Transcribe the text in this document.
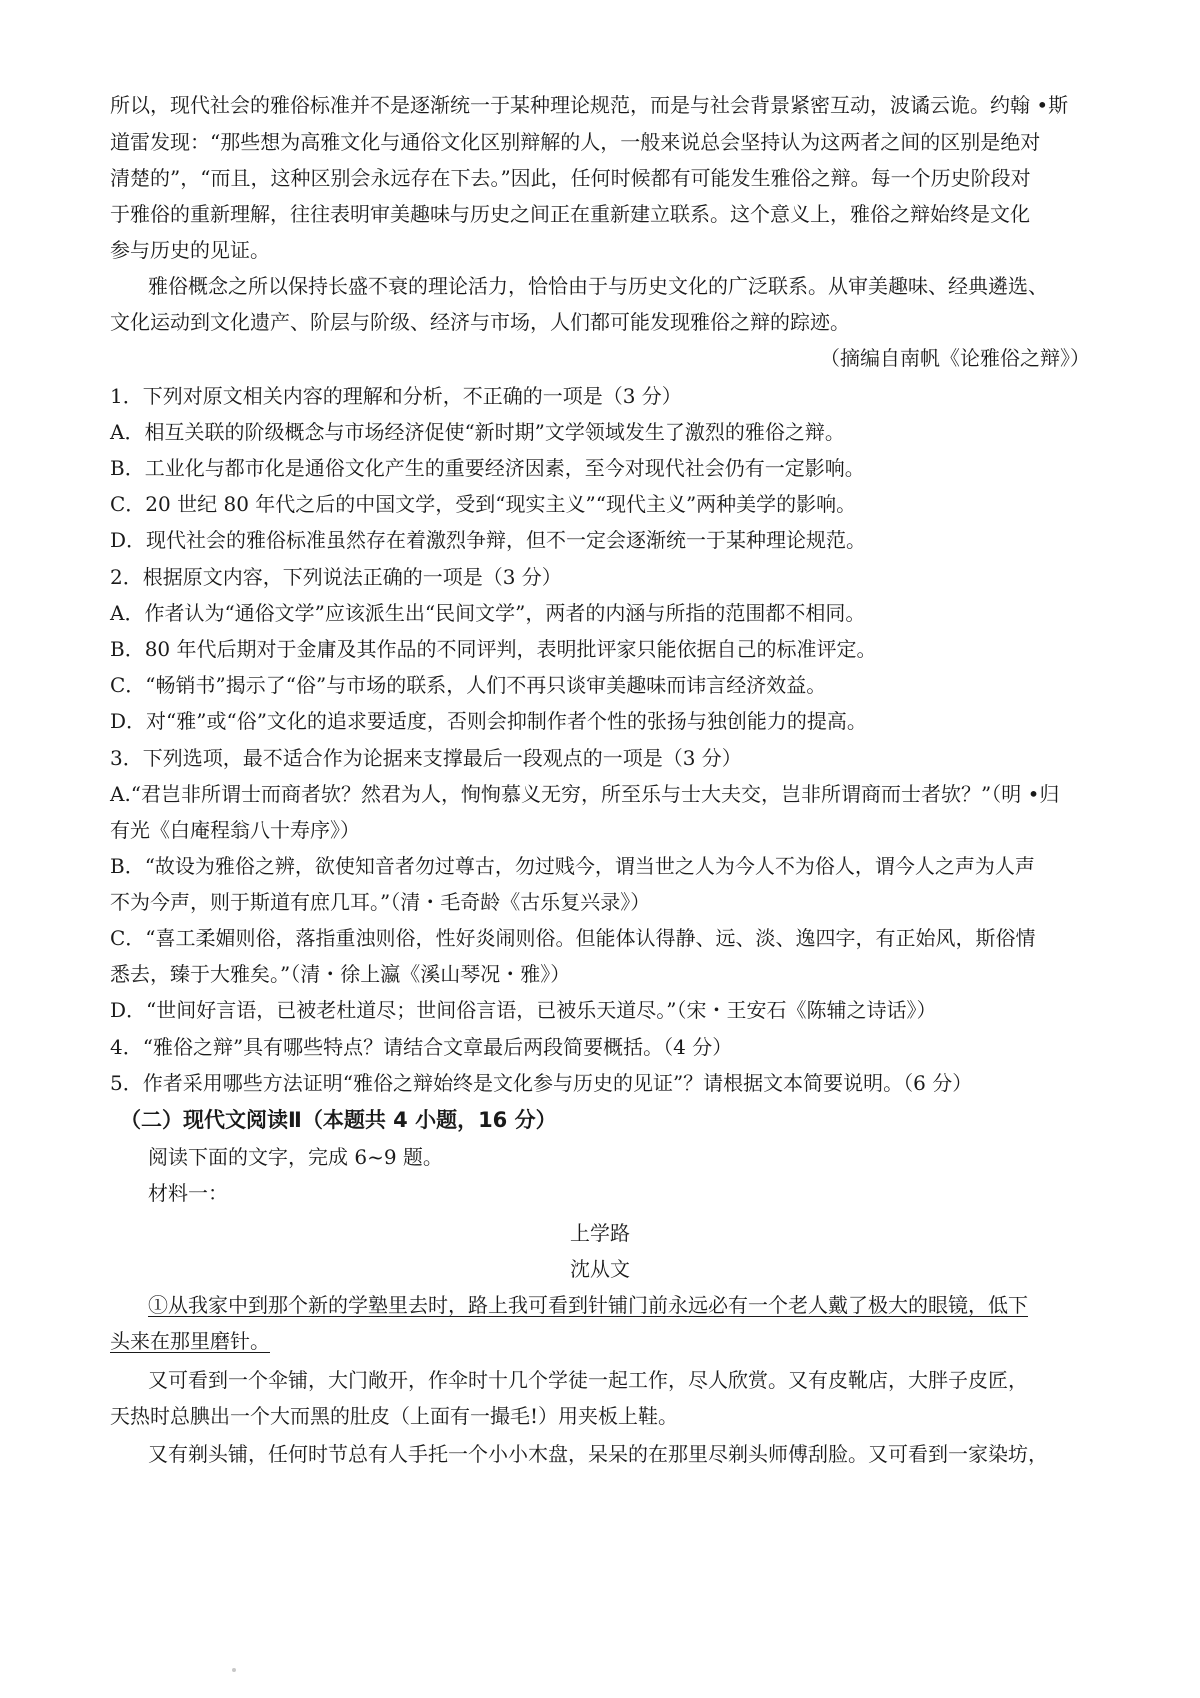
所以，现代社会的雅俗标准并不是逐渐统一于某种理论规范，而是与社会背景紧密互动，波谲云诡。约翰 •斯
道雷发现：“那些想为高雅文化与通俗文化区别辩解的人，一般来说总会坚持认为这两者之间的区别是绝对
清楚的”，“而且，这种区别会永远存在下去。”因此，任何时候都有可能发生雅俗之辩。每一个历史阶段对
于雅俗的重新理解，往往表明审美趣味与历史之间正在重新建立联系。这个意义上，雅俗之辩始终是文化
参与历史的见证。
雅俗概念之所以保持长盛不衰的理论活力，恰恰由于与历史文化的广泛联系。从审美趣味、经典遴选、
文化运动到文化遗产、阶层与阶级、经济与市场，人们都可能发现雅俗之辩的踪迹。
（摘编自南帆《论雅俗之辩》）
1．下列对原文相关内容的理解和分析，不正确的一项是（3 分）
A．相互关联的阶级概念与市场经济促使“新时期”文学领域发生了激烈的雅俗之辩。
B．工业化与都市化是通俗文化产生的重要经济因素，至今对现代社会仍有一定影响。
C．20 世纪 80 年代之后的中国文学，受到“现实主义”“现代主义”两种美学的影响。
D．现代社会的雅俗标准虽然存在着激烈争辩，但不一定会逐渐统一于某种理论规范。
2．根据原文内容，下列说法正确的一项是（3 分）
A．作者认为“通俗文学”应该派生出“民间文学”，两者的内涵与所指的范围都不相同。
B．80 年代后期对于金庸及其作品的不同评判，表明批评家只能依据自己的标准评定。
C．“畅销书”揭示了“俗”与市场的联系，人们不再只谈审美趣味而讳言经济效益。
D．对“雅”或“俗”文化的追求要适度，否则会抑制作者个性的张扬与独创能力的提高。
3．下列选项，最不适合作为论据来支撑最后一段观点的一项是（3 分）
A.“君岂非所谓士而商者欤？然君为人，恂恂慕义无穷，所至乐与士大夫交，岂非所谓商而士者欤？”（明 •归
有光《白庵程翁八十寿序》）
B．“故设为雅俗之辨，欲使知音者勿过尊古，勿过贱今，谓当世之人为今人不为俗人，谓今人之声为人声
不为今声，则于斯道有庶几耳。”（清・毛奇龄《古乐复兴录》）
C．“喜工柔媚则俗，落指重浊则俗，性好炎闹则俗。但能体认得静、远、淡、逸四字，有正始风，斯俗情
悉去，臻于大雅矣。”（清・徐上瀛《溪山琴况・雅》）
D．“世间好言语，已被老杜道尽；世间俗言语，已被乐天道尽。”（宋・王安石《陈辅之诗话》）
4．“雅俗之辩”具有哪些特点？请结合文章最后两段简要概括。（4 分）
5．作者采用哪些方法证明“雅俗之辩始终是文化参与历史的见证”？请根据文本简要说明。（6 分）
（二）现代文阅读Ⅱ（本题共 4 小题，16 分）
阅读下面的文字，完成 6~9 题。
材料一：
上学路
沈从文
①从我家中到那个新的学塾里去时，路上我可看到针铺门前永远必有一个老人戴了极大的眼镜，低下
头来在那里磨针。
又可看到一个伞铺，大门敞开，作伞时十几个学徒一起工作，尽人欣赏。又有皮靴店，大胖子皮匠，
天热时总腆出一个大而黑的肚皮（上面有一撮毛!）用夹板上鞋。
又有剃头铺，任何时节总有人手托一个小小木盘，呆呆的在那里尽剃头师傅刮脸。又可看到一家染坊，
